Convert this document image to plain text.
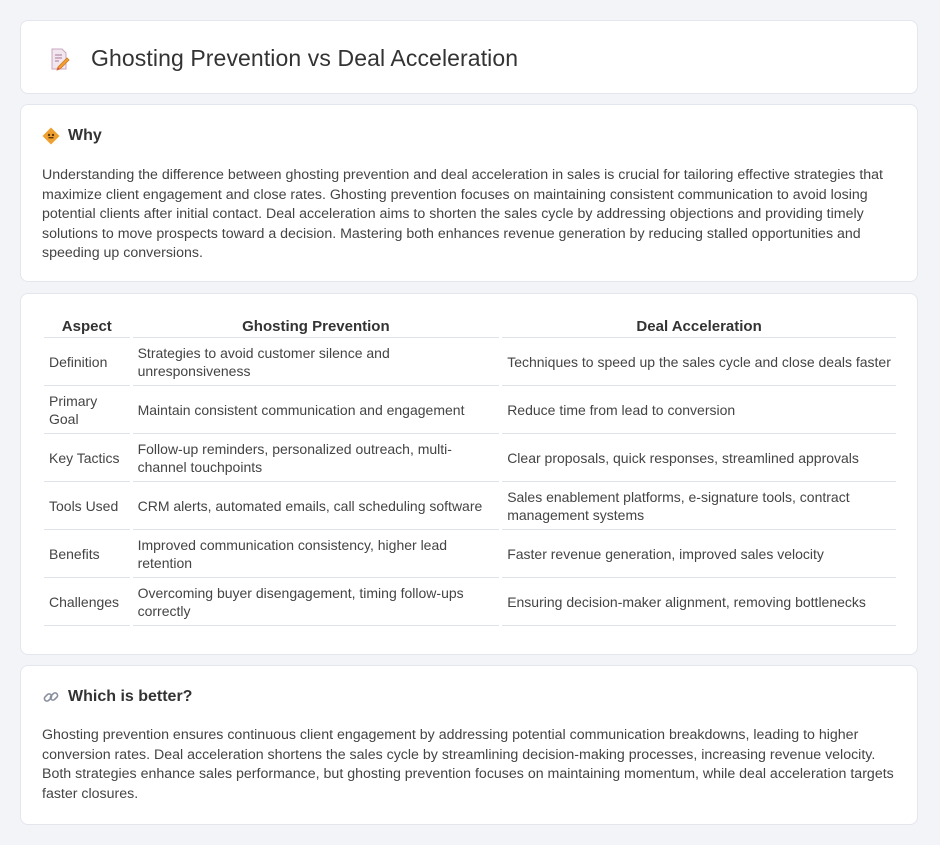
Ghosting Prevention vs Deal Acceleration
Why
Understanding the difference between ghosting prevention and deal acceleration in sales is crucial for tailoring effective strategies that maximize client engagement and close rates. Ghosting prevention focuses on maintaining consistent communication to avoid losing potential clients after initial contact. Deal acceleration aims to shorten the sales cycle by addressing objections and providing timely solutions to move prospects toward a decision. Mastering both enhances revenue generation by reducing stalled opportunities and speeding up conversions.
Aspect	Ghosting Prevention	Deal Acceleration
Definition	Strategies to avoid customer silence and unresponsiveness	Techniques to speed up the sales cycle and close deals faster
Primary Goal	Maintain consistent communication and engagement	Reduce time from lead to conversion
Key Tactics	Follow-up reminders, personalized outreach, multi-channel touchpoints	Clear proposals, quick responses, streamlined approvals
Tools Used	CRM alerts, automated emails, call scheduling software	Sales enablement platforms, e-signature tools, contract management systems
Benefits	Improved communication consistency, higher lead retention	Faster revenue generation, improved sales velocity
Challenges	Overcoming buyer disengagement, timing follow-ups correctly	Ensuring decision-maker alignment, removing bottlenecks
Which is better?
Ghosting prevention ensures continuous client engagement by addressing potential communication breakdowns, leading to higher conversion rates. Deal acceleration shortens the sales cycle by streamlining decision-making processes, increasing revenue velocity. Both strategies enhance sales performance, but ghosting prevention focuses on maintaining momentum, while deal acceleration targets faster closures.
